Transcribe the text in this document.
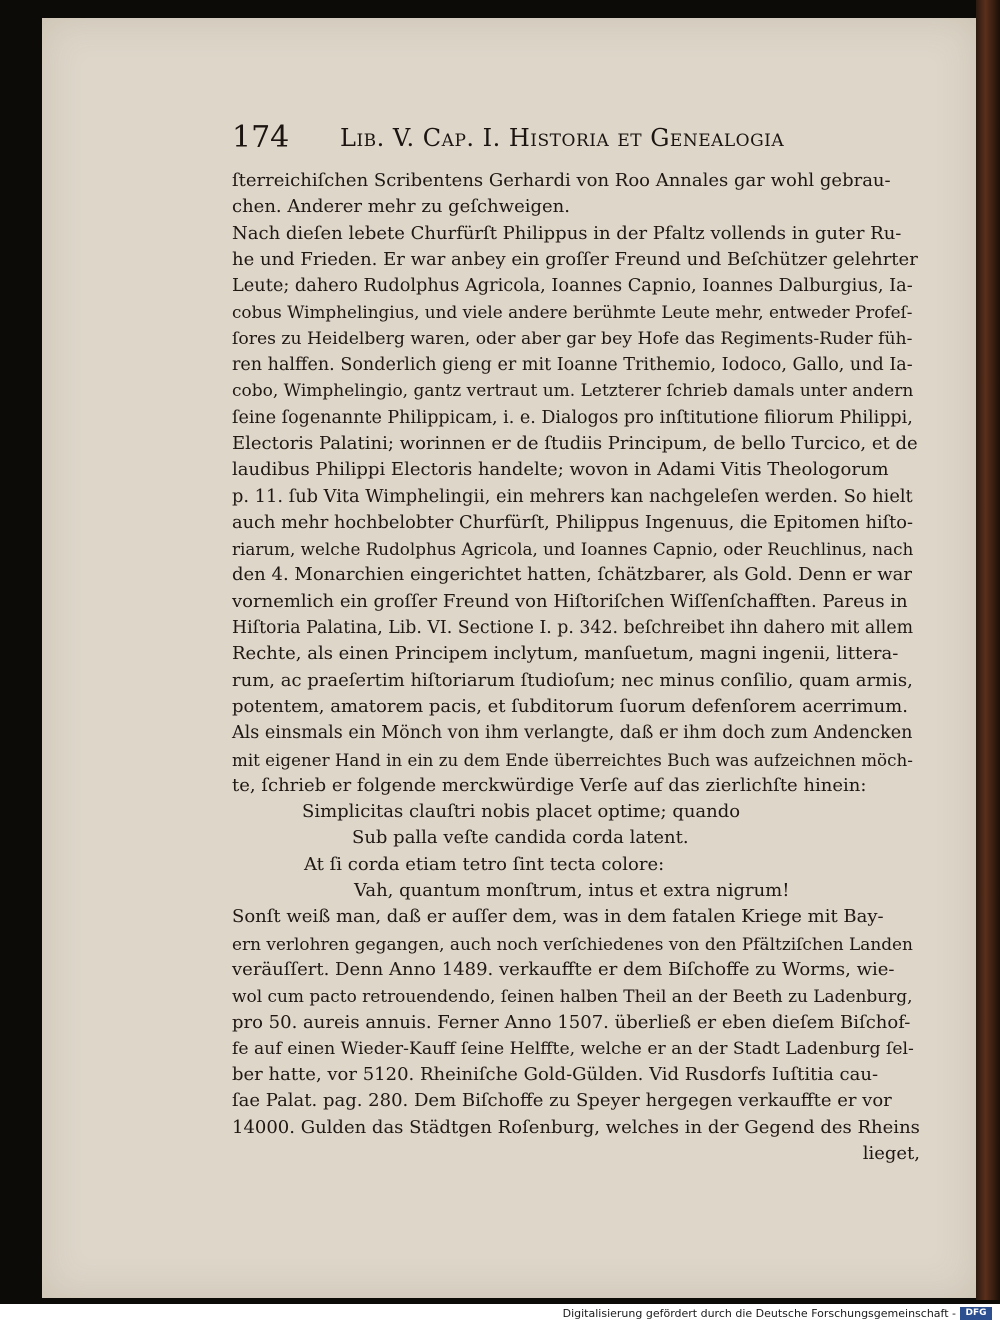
174 Lib. V. Cap. I. Historia et Genealogia
ſterreichiſchen Scribentens Gerhardi von Roo Annales gar wohl gebrau-
chen. Anderer mehr zu geſchweigen.
Nach dieſen lebete Churfürſt Philippus in der Pfaltz vollends in guter Ru-
he und Frieden. Er war anbey ein groſſer Freund und Beſchützer gelehrter
Leute; dahero Rudolphus Agricola, Ioannes Capnio, Ioannes Dalburgius, Ia-
cobus Wimphelingius, und viele andere berühmte Leute mehr, entweder Profeſ-
ſores zu Heidelberg waren, oder aber gar bey Hofe das Regiments-Ruder füh-
ren halffen. Sonderlich gieng er mit Ioanne Trithemio, Iodoco, Gallo, und Ia-
cobo, Wimphelingio, gantz vertraut um. Letzterer ſchrieb damals unter andern
ſeine ſogenannte Philippicam, i. e. Dialogos pro inſtitutione filiorum Philippi,
Electoris Palatini; worinnen er de ſtudiis Principum, de bello Turcico, et de
laudibus Philippi Electoris handelte; wovon in Adami Vitis Theologorum
p. 11. ſub Vita Wimphelingii, ein mehrers kan nachgeleſen werden. So hielt
auch mehr hochbelobter Churfürſt, Philippus Ingenuus, die Epitomen hiſto-
riarum, welche Rudolphus Agricola, und Ioannes Capnio, oder Reuchlinus, nach
den 4. Monarchien eingerichtet hatten, ſchätzbarer, als Gold. Denn er war
vornemlich ein groſſer Freund von Hiſtoriſchen Wiſſenſchafften. Pareus in
Hiſtoria Palatina, Lib. VI. Sectione I. p. 342. beſchreibet ihn dahero mit allem
Rechte, als einen Principem inclytum, manſuetum, magni ingenii, littera-
rum, ac praeſertim hiſtoriarum ſtudioſum; nec minus conſilio, quam armis,
potentem, amatorem pacis, et ſubditorum ſuorum defenſorem acerrimum.
Als einsmals ein Mönch von ihm verlangte, daß er ihm doch zum Andencken
mit eigener Hand in ein zu dem Ende überreichtes Buch was aufzeichnen möch-
te, ſchrieb er folgende merckwürdige Verſe auf das zierlichſte hinein:
Simplicitas clauſtri nobis placet optime; quando
Sub palla veſte candida corda latent.
At ſi corda etiam tetro ſint tecta colore:
Vah, quantum monſtrum, intus et extra nigrum!
Sonſt weiß man, daß er auſſer dem, was in dem fatalen Kriege mit Bay-
ern verlohren gegangen, auch noch verſchiedenes von den Pfältziſchen Landen
veräuſſert. Denn Anno 1489. verkauffte er dem Biſchoffe zu Worms, wie-
wol cum pacto retrouendendo, ſeinen halben Theil an der Beeth zu Ladenburg,
pro 50. aureis annuis. Ferner Anno 1507. überließ er eben dieſem Biſchof-
fe auf einen Wieder-Kauff ſeine Helffte, welche er an der Stadt Ladenburg ſel-
ber hatte, vor 5120. Rheiniſche Gold-Gülden. Vid Rusdorfs Iuſtitia cau-
ſae Palat. pag. 280. Dem Biſchoffe zu Speyer hergegen verkauffte er vor
14000. Gulden das Städtgen Roſenburg, welches in der Gegend des Rheins
lieget,
Digitalisierung gefördert durch die Deutsche Forschungsgemeinschaft -	DFG
